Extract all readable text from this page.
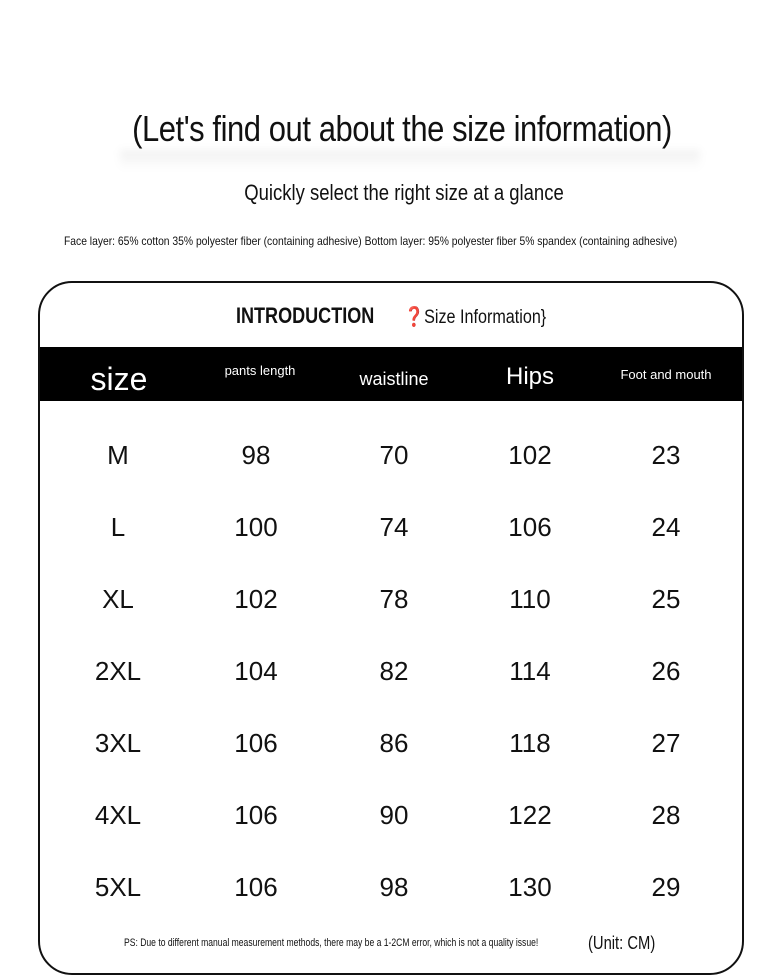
(Let's find out about the size information)
Quickly select the right size at a glance
Face layer: 65% cotton 35% polyester fiber (containing adhesive) Bottom layer: 95% polyester fiber 5% spandex (containing adhesive)
INTRODUCTION ❓Size Information}
size	pants length	waistline	Hips	Foot and mouth
M	98	70	102	23
L	100	74	106	24
XL	102	78	110	25
2XL	104	82	114	26
3XL	106	86	118	27
4XL	106	90	122	28
5XL	106	98	130	29
PS: Due to different manual measurement methods, there may be a 1-2CM error, which is not a quality issue!	(Unit: CM)
